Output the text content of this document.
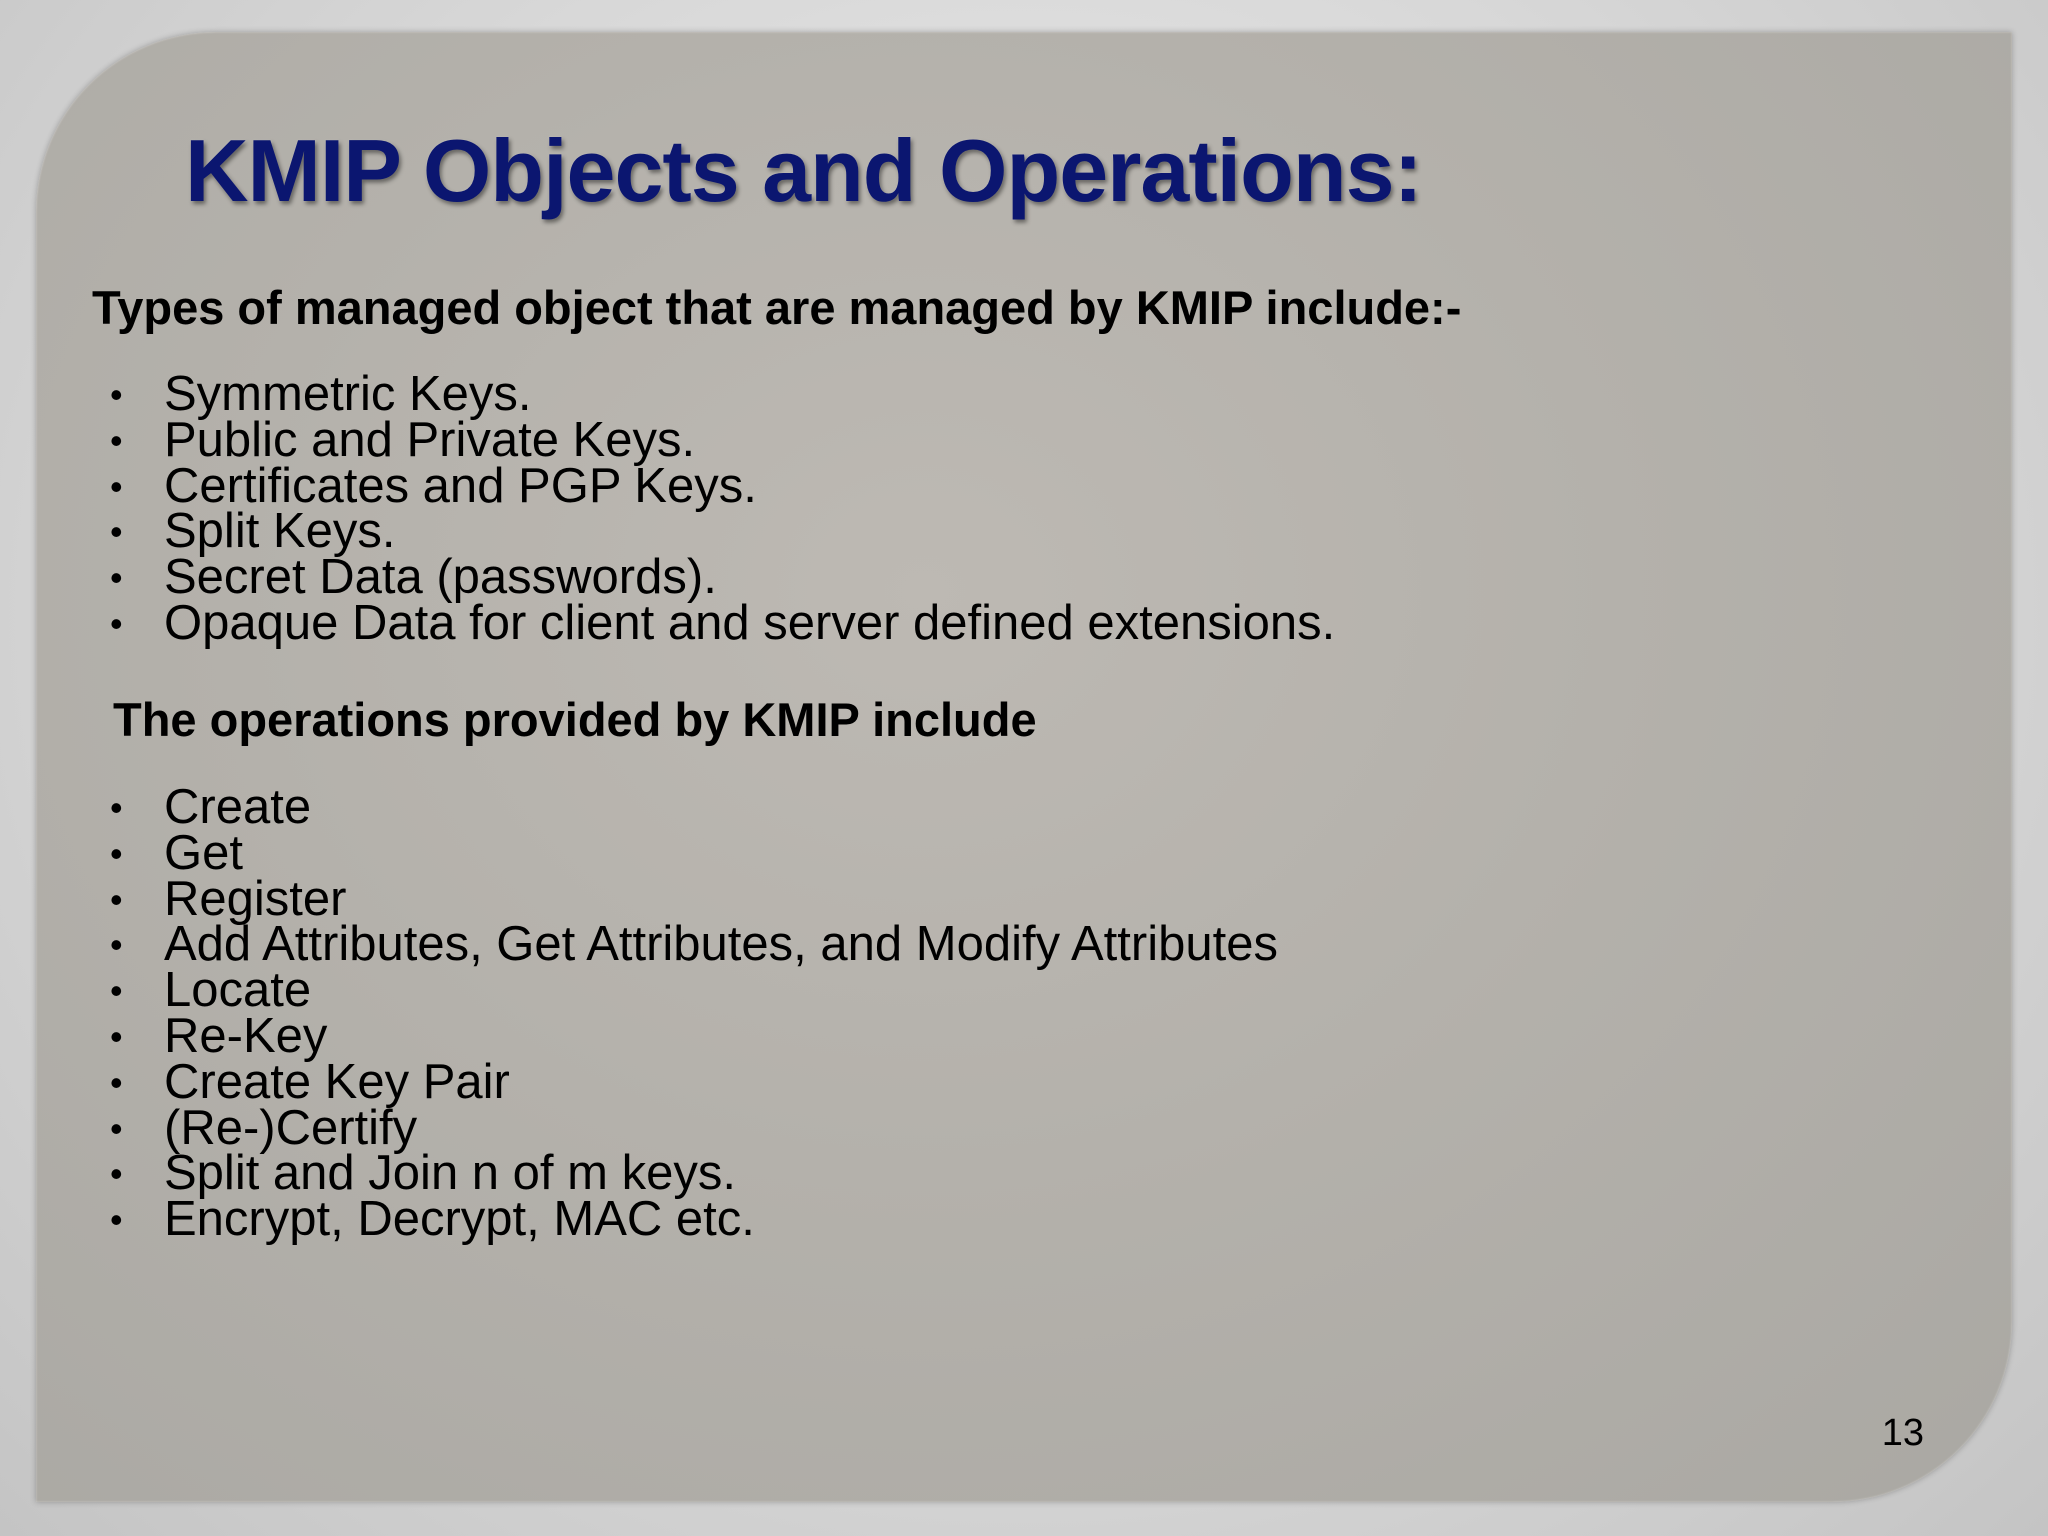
KMIP Objects and Operations:
Types of managed object that are managed by KMIP include:-
• Symmetric Keys.
• Public and Private Keys.
• Certificates and PGP Keys.
• Split Keys.
• Secret Data (passwords).
• Opaque Data for client and server defined extensions.
The operations provided by KMIP include
• Create
• Get
• Register
• Add Attributes, Get Attributes, and Modify Attributes
• Locate
• Re-Key
• Create Key Pair
• (Re-)Certify
• Split and Join n of m keys.
• Encrypt, Decrypt, MAC etc.
13
